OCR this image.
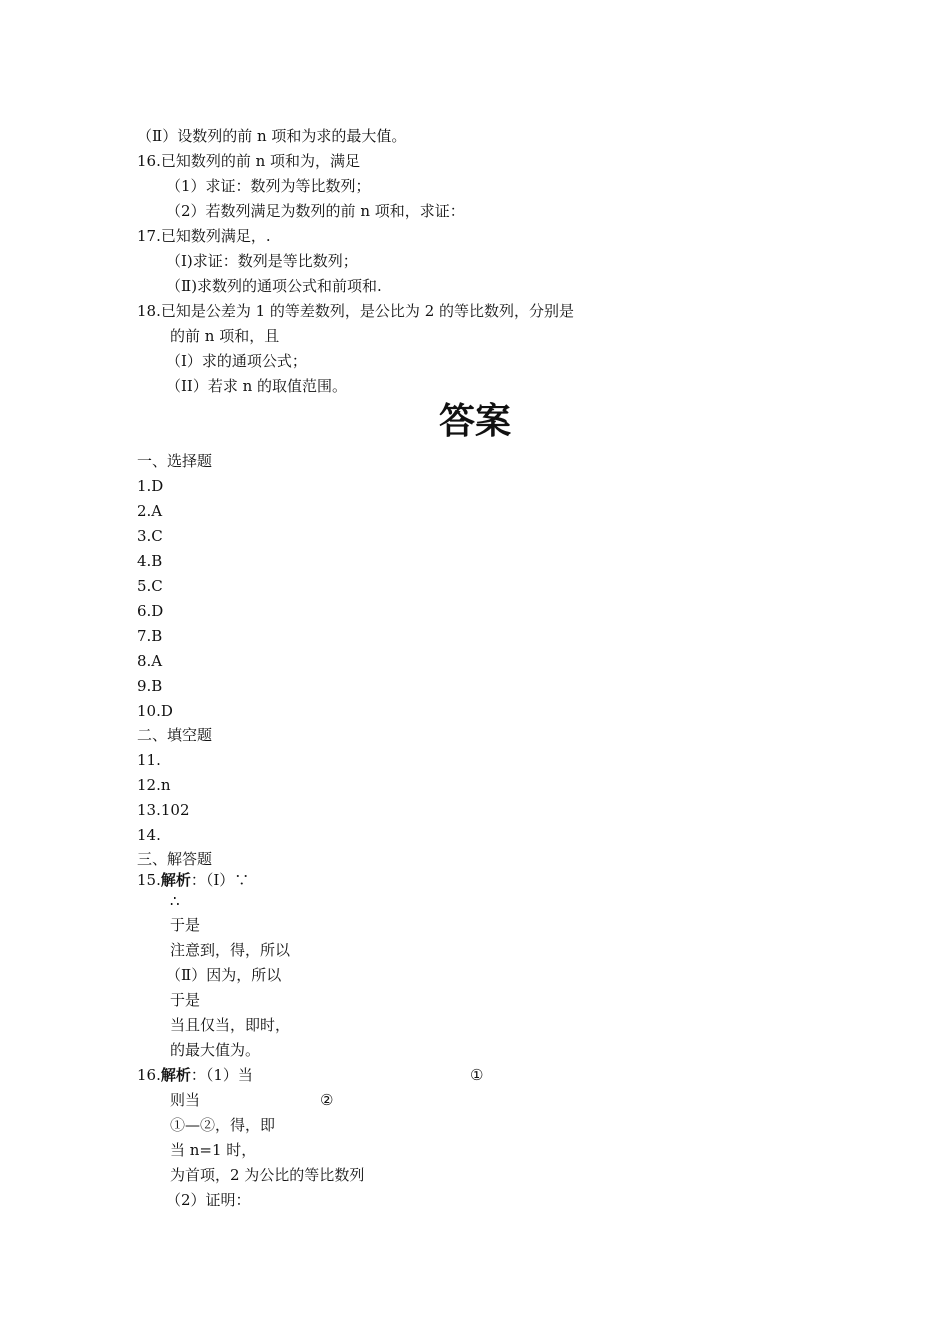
（Ⅱ）设数列的前 n 项和为求的最大值。
16.已知数列的前 n 项和为，满足
（1）求证：数列为等比数列；
（2）若数列满足为数列的前 n 项和，求证：
17.已知数列满足，.
（Ⅰ)求证：数列是等比数列；
（Ⅱ)求数列的通项公式和前项和.
18.已知是公差为 1 的等差数列，是公比为 2 的等比数列，分别是
的前 n 项和，且
（I）求的通项公式；
（II）若求 n 的取值范围。
答案
一、选择题
1.D
2.A
3.C
4.B
5.C
6.D
7.B
8.A
9.B
10.D
二、填空题
11.
12.n
13.102
14.
三、解答题
15.解析：（Ⅰ）∵
∴
于是
注意到，得，所以
（Ⅱ）因为，所以
于是
当且仅当，即时，
的最大值为。
16.解析：（1）当	①
则当	②
①—②，得，即
当 n=1 时，
为首项，2 为公比的等比数列
（2）证明：
